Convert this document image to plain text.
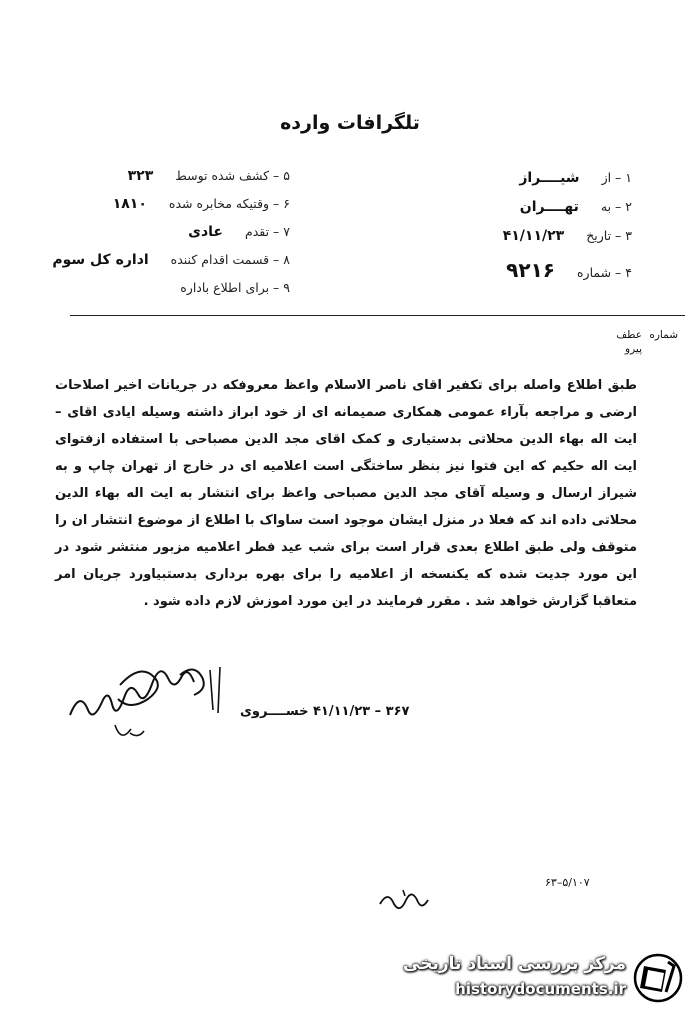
تلگرافات وارده
۱ – از شیــــراز
۲ – به تهــــران
۳ – تاریخ ۴۱/۱۱/۲۳
۴ – شماره ۹۲۱۶
۵ – کشف شده توسط ۳۲۳
۶ – وقتیکه مخابره شده ۱۸۱۰
۷ – تقدم عادی
۸ – قسمت اقدام کننده اداره کل سوم
۹ – برای اطلاع باداره
شماره
عطف
پیرو
طبق اطلاع واصله برای تکفیر اقای ناصر الاسلام واعظ معروفکه در جریانات اخیر اصلاحات ارضی و مراجعه بآراء عمومی همکاری صمیمانه ای از خود ابراز داشته وسیله ایادی اقای – ایت اله بهاء الدین محلاتی بدستیاری و کمک اقای مجد الدین مصباحی با استفاده ازفتوای ایت اله حکیم که این فتوا نیز بنظر ساختگی است اعلامیه ای در خارج از تهران چاپ و به شیراز ارسال و وسیله آقای مجد الدین مصباحی واعظ برای انتشار به ایت اله بهاء الدین محلاتی داده اند که فعلا در منزل ایشان موجود است ساواک با اطلاع از موضوع انتشار ان را متوقف ولی طبق اطلاع بعدی قرار است برای شب عید فطر اعلامیه مزبور منتشر شود در این مورد جدیت شده که یکنسخه از اعلامیه را برای بهره برداری بدستبیاورد جریان امر متعاقبا گزارش خواهد شد . مقرر فرمایند در این مورد اموزش لازم داده شود .
۳۶۷ – ۴۱/۱۱/۲۳ خســــروی
۵/۱۰۷–۶۳
مرکز بررسی اسناد تاریخی
historydocuments.ir
